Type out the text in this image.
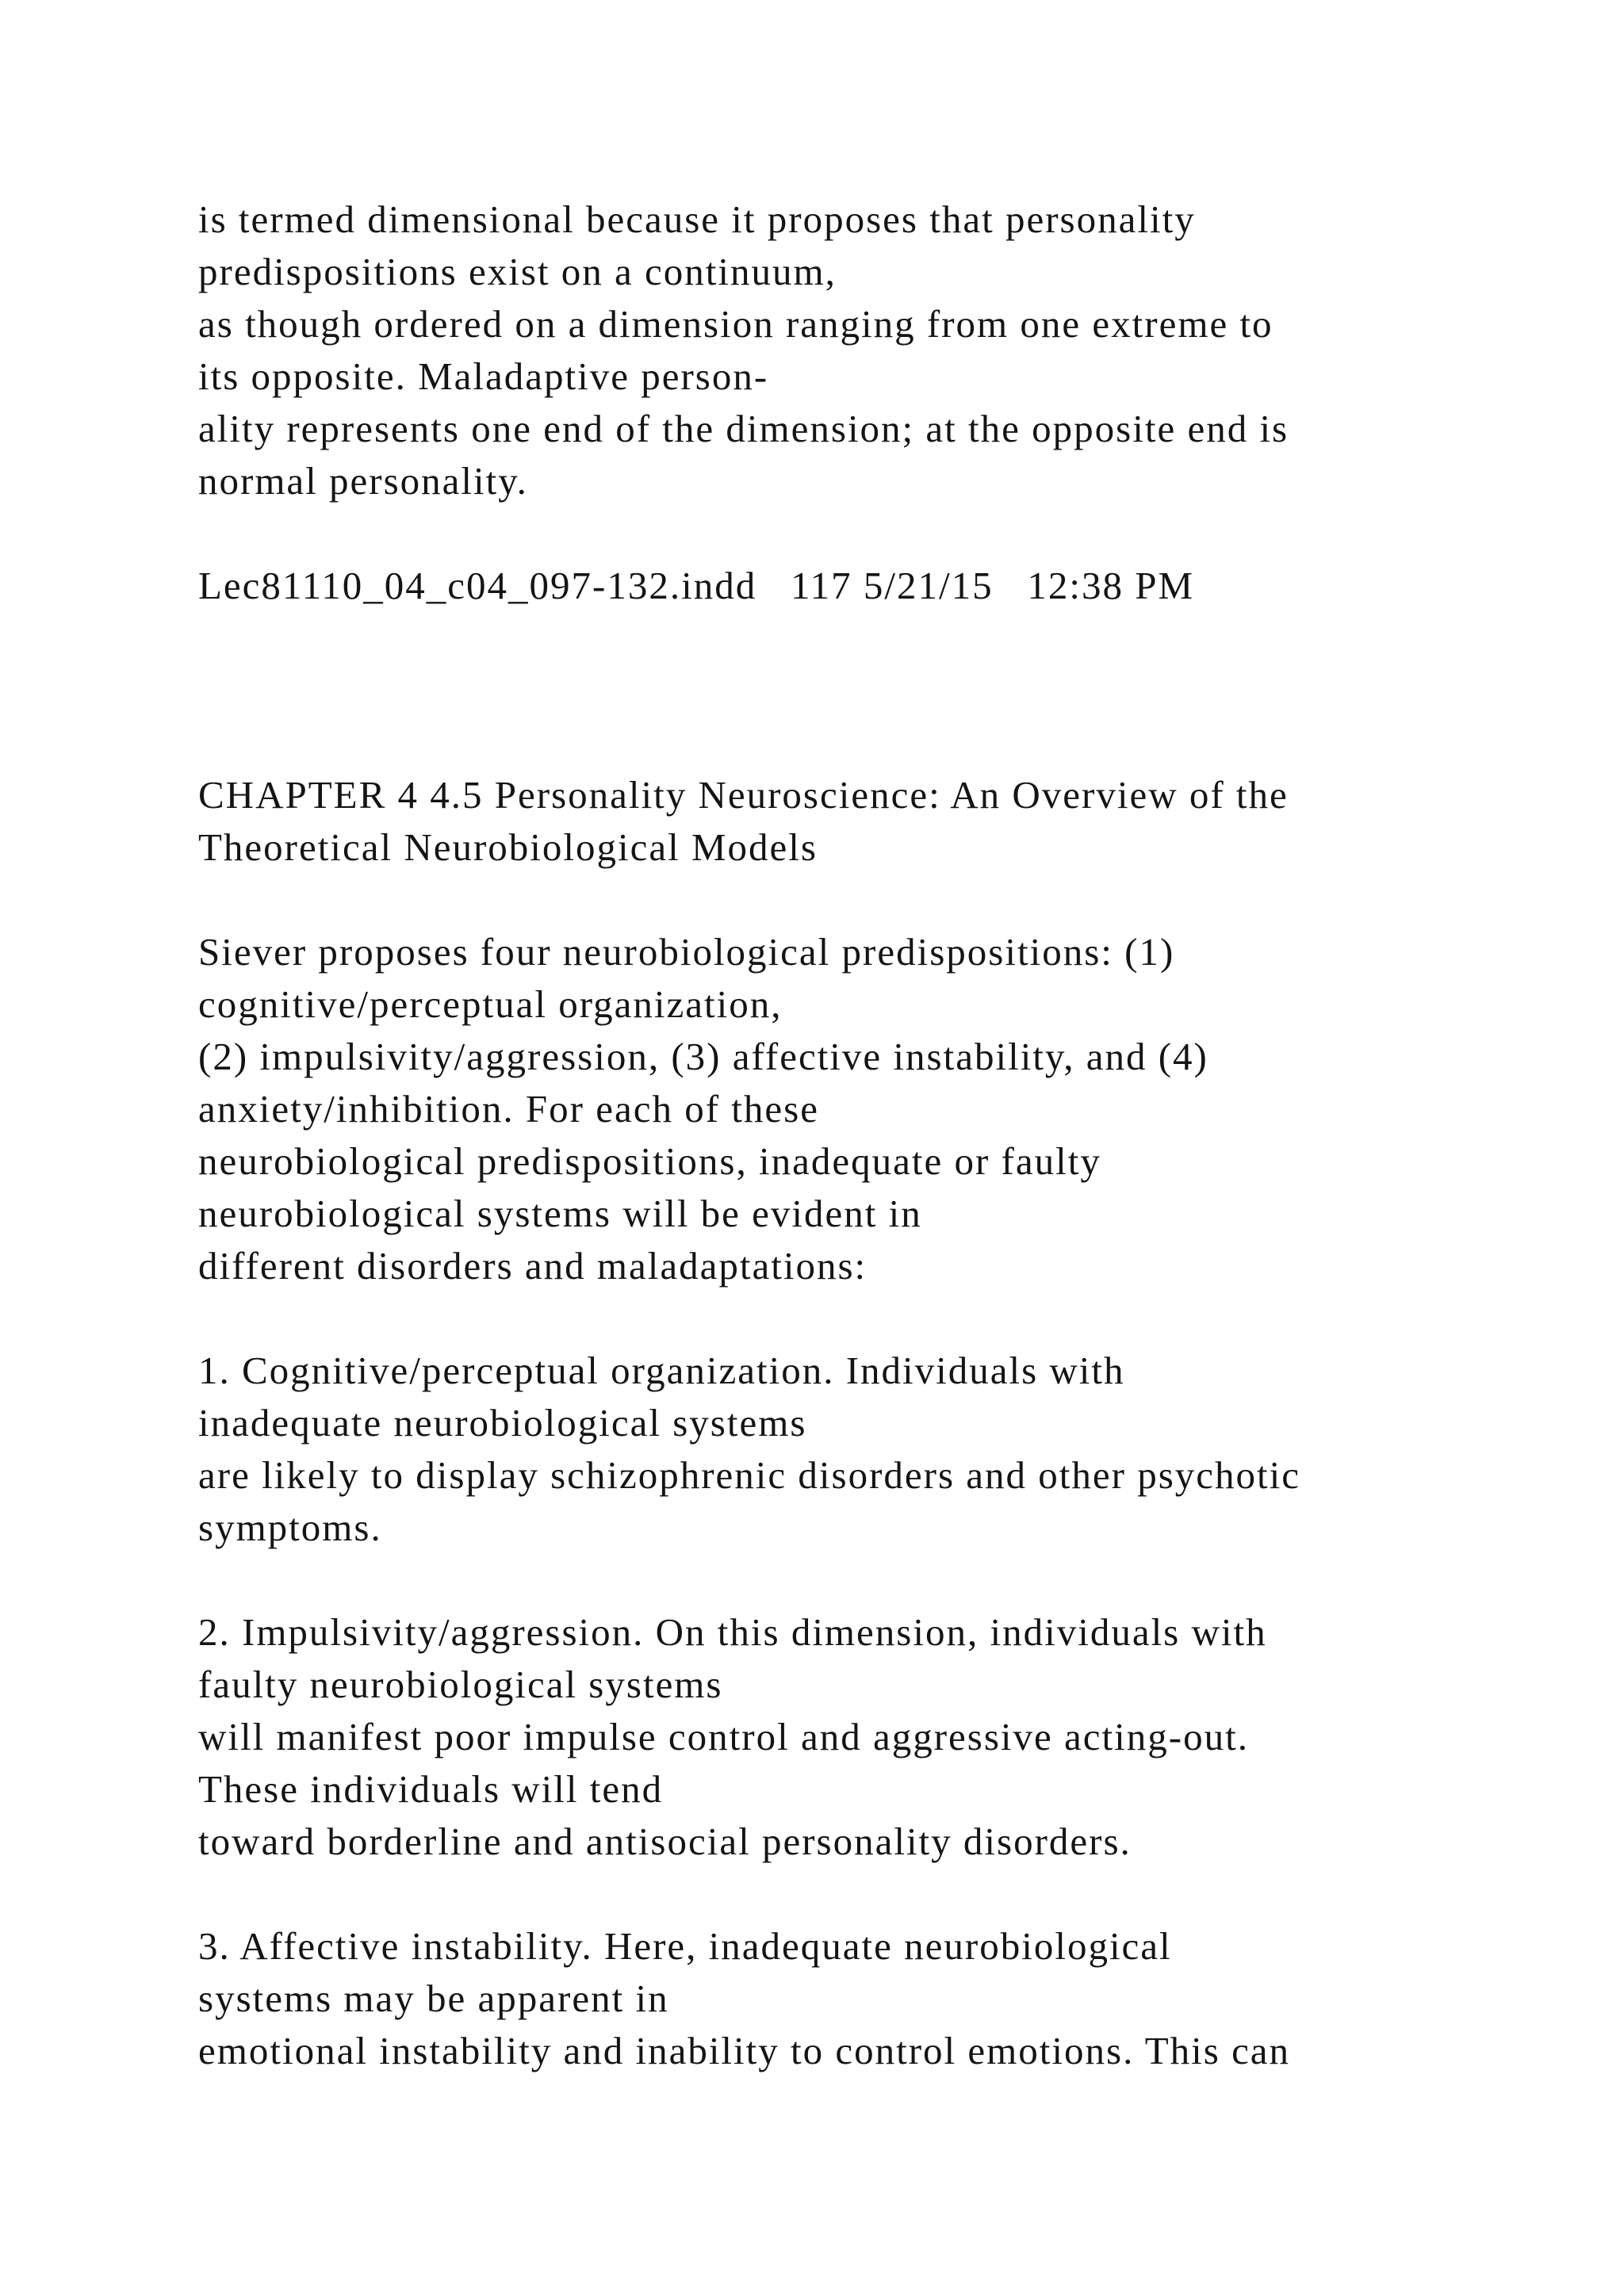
is termed dimensional because it proposes that personality
predispositions exist on a continuum,
as though ordered on a dimension ranging from one extreme to
its opposite. Maladaptive person-
ality represents one end of the dimension; at the opposite end is
normal personality.
Lec81110_04_c04_097-132.indd   117 5/21/15   12:38 PM
CHAPTER 4 4.5 Personality Neuroscience: An Overview of the
Theoretical Neurobiological Models
Siever proposes four neurobiological predispositions: (1)
cognitive/perceptual organization,
(2) impulsivity/aggression, (3) affective instability, and (4)
anxiety/inhibition. For each of these
neurobiological predispositions, inadequate or faulty
neurobiological systems will be evident in
different disorders and maladaptations:
1. Cognitive/perceptual organization. Individuals with
inadequate neurobiological systems
are likely to display schizophrenic disorders and other psychotic
symptoms.
2. Impulsivity/aggression. On this dimension, individuals with
faulty neurobiological systems
will manifest poor impulse control and aggressive acting-out.
These individuals will tend
toward borderline and antisocial personality disorders.
3. Affective instability. Here, inadequate neurobiological
systems may be apparent in
emotional instability and inability to control emotions. This can
